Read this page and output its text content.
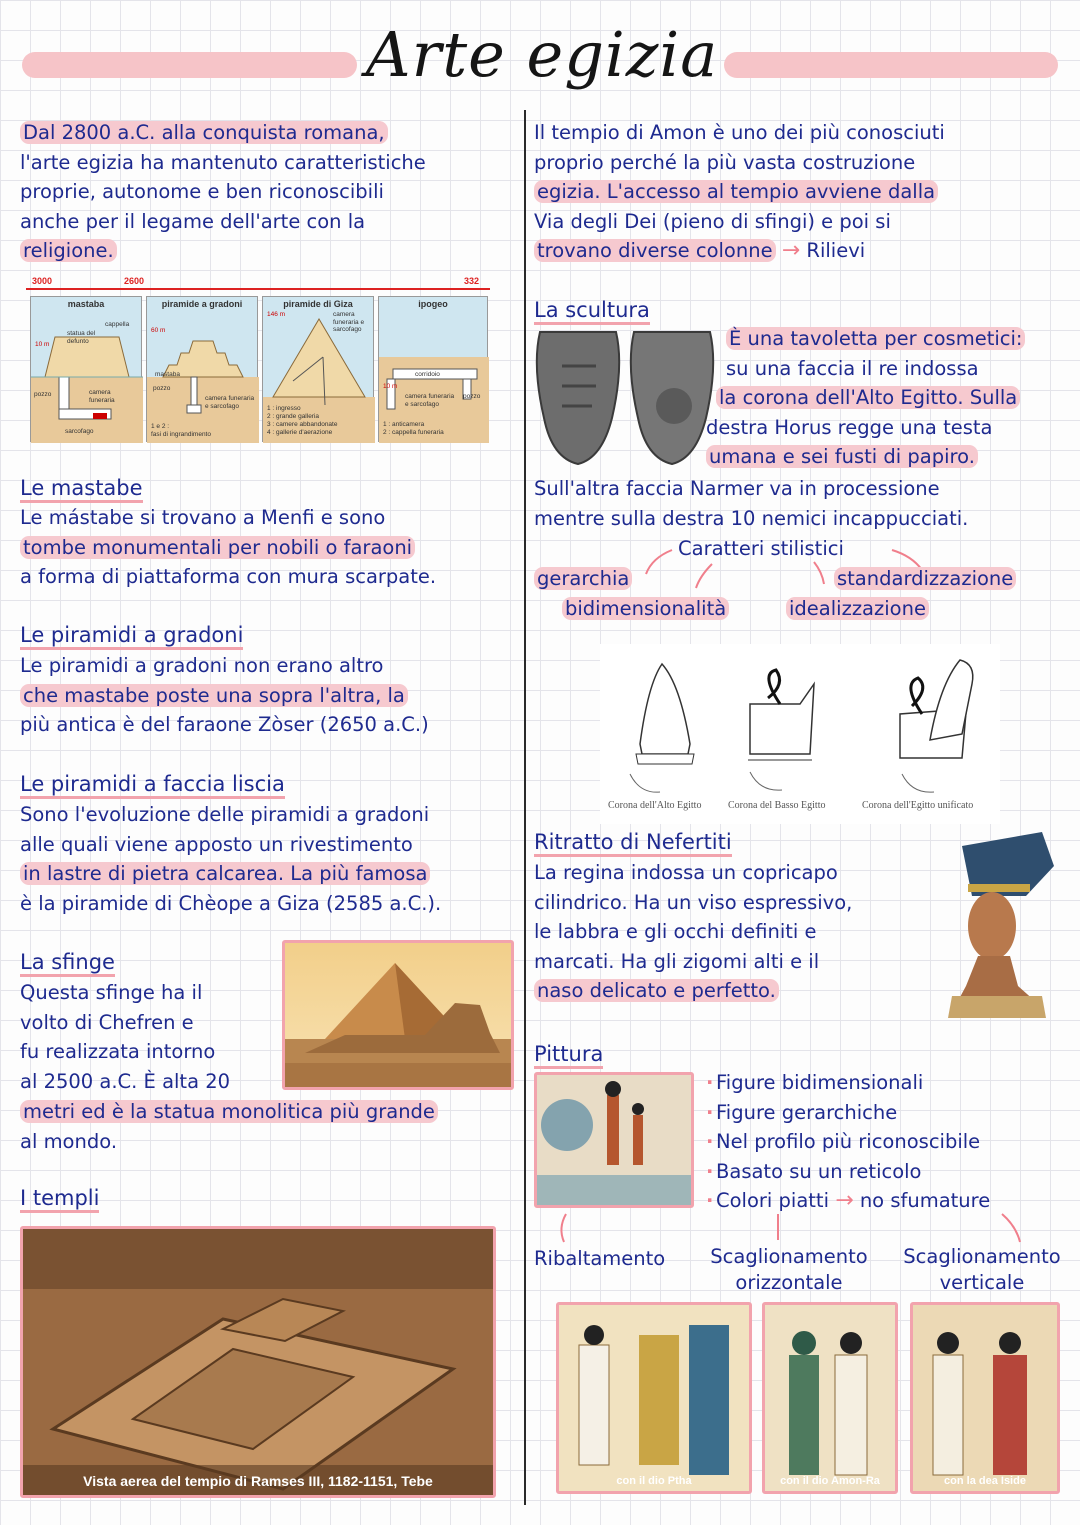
Arte egizia
Dal 2800 a.C. alla conquista romana,
l'arte egizia ha mantenuto caratteristiche
proprie, autonome e ben riconoscibili
anche per il legame dell'arte con la
religione.
3000	2600	332
mastaba
cappella
statua del defunto
10 m
pozzo	camera funeraria
sarcofago
piramide a gradoni
60 m
mastaba
pozzo
camera funeraria e sarcofago
1 e 2 :
fasi di ingrandimento
piramide di Giza
146 m	camera funeraria e sarcofago
1 : ingresso
2 : grande galleria
3 : camere abbandonate
4 : gallerie d'aerazione
ipogeo
corridoio
10 m
camera funeraria e sarcofago
pozzo
1 : anticamera
2 : cappella funeraria
Le mastabe
Le mástabe si trovano a Menfi e sono
tombe monumentali per nobili o faraoni
a forma di piattaforma con mura scarpate.
Le piramidi a gradoni
Le piramidi a gradoni non erano altro
che mastabe poste una sopra l'altra, la
più antica è del faraone Zòser (2650 a.C.)
Le piramidi a faccia liscia
Sono l'evoluzione delle piramidi a gradoni
alle quali viene apposto un rivestimento
in lastre di pietra calcarea. La più famosa
è la piramide di Chèope a Giza (2585 a.C.).
La sfinge
Questa sfinge ha il
volto di Chefren e
fu realizzata intorno
al 2500 a.C. È alta 20
metri ed è la statua monolitica più grande
al mondo.
I templi
Vista aerea del tempio di Ramses III, 1182-1151, Tebe
Il tempio di Amon è uno dei più conosciuti
proprio perché la più vasta costruzione
egizia. L'accesso al tempio avviene dalla
Via degli Dei (pieno di sfingi) e poi si
trovano diverse colonne → Rilievi
La scultura
È una tavoletta per cosmetici:
su una faccia il re indossa
la corona dell'Alto Egitto. Sulla
destra Horus regge una testa
umana e sei fusti di papiro.
Sull'altra faccia Narmer va in processione
mentre sulla destra 10 nemici incappucciati.
Caratteri stilistici
gerarchia	standardizzazione
bidimensionalità	idealizzazione
Corona dell'Alto Egitto	Corona del Basso Egitto	Corona dell'Egitto unificato
Ritratto di Nefertiti
La regina indossa un copricapo
cilindrico. Ha un viso espressivo,
le labbra e gli occhi definiti e
marcati. Ha gli zigomi alti e il
naso delicato e perfetto.
Pittura
· Figure bidimensionali
· Figure gerarchiche
· Nel profilo più riconoscibile
· Basato su un reticolo
· Colori piatti → no sfumature
Ribaltamento	Scaglionamento
orizzontale
Scaglionamento
verticale
con il dio Ptha	con il dio Amon-Ra	con la dea Iside
